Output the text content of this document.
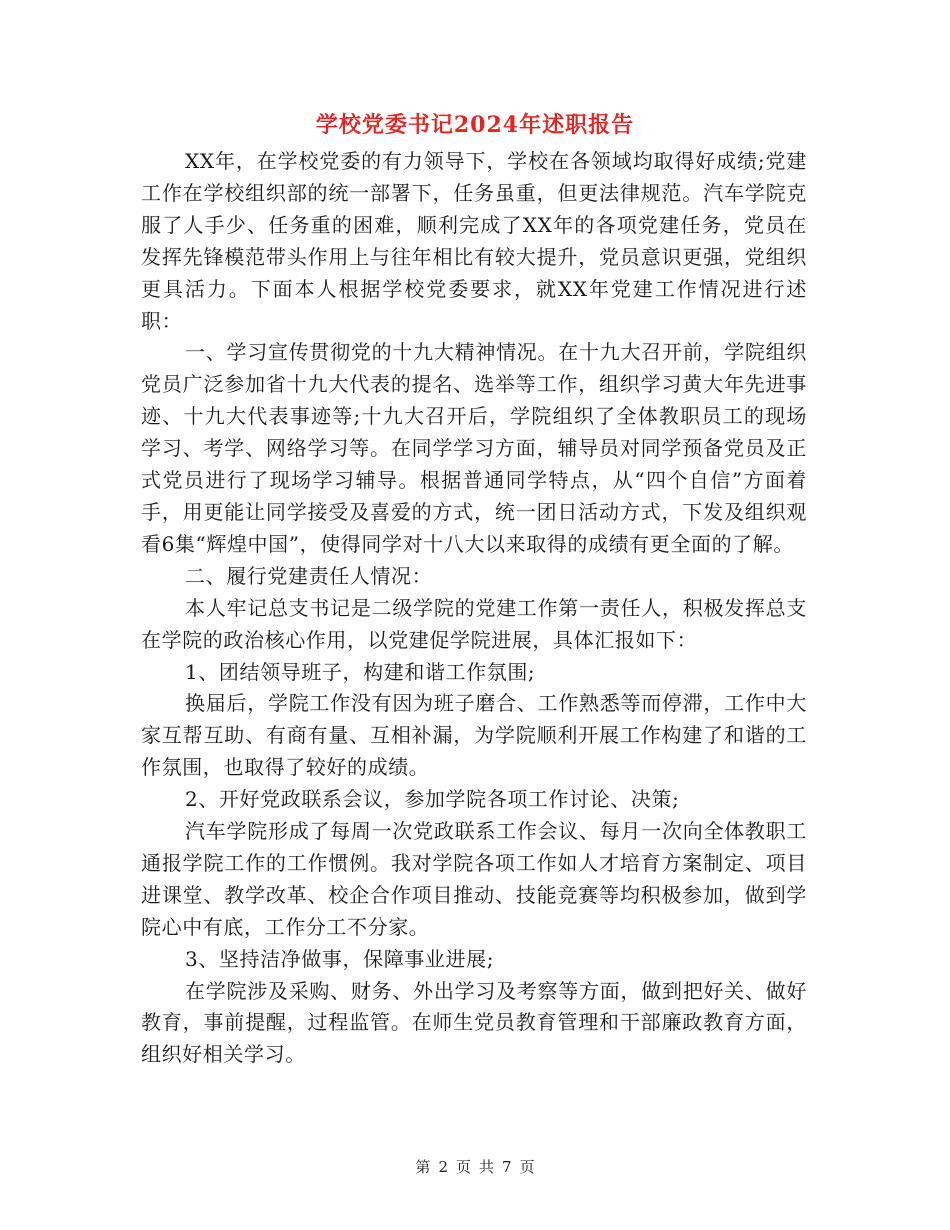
学校党委书记2024年述职报告

XX年，在学校党委的有力领导下，学校在各领域均取得好成绩;党建工作在学校组织部的统一部署下，任务虽重，但更法律规范。汽车学院克服了人手少、任务重的困难，顺利完成了XX年的各项党建任务，党员在发挥先锋模范带头作用上与往年相比有较大提升，党员意识更强，党组织更具活力。下面本人根据学校党委要求，就XX年党建工作情况进行述职：

一、学习宣传贯彻党的十九大精神情况。在十九大召开前，学院组织党员广泛参加省十九大代表的提名、选举等工作，组织学习黄大年先进事迹、十九大代表事迹等;十九大召开后，学院组织了全体教职员工的现场学习、考学、网络学习等。在同学学习方面，辅导员对同学预备党员及正式党员进行了现场学习辅导。根据普通同学特点，从“四个自信”方面着手，用更能让同学接受及喜爱的方式，统一团日活动方式，下发及组织观看6集“辉煌中国”，使得同学对十八大以来取得的成绩有更全面的了解。

二、履行党建责任人情况：

本人牢记总支书记是二级学院的党建工作第一责任人，积极发挥总支在学院的政治核心作用，以党建促学院进展，具体汇报如下：

1、团结领导班子，构建和谐工作氛围;

换届后，学院工作没有因为班子磨合、工作熟悉等而停滞，工作中大家互帮互助、有商有量、互相补漏，为学院顺利开展工作构建了和谐的工作氛围，也取得了较好的成绩。

2、开好党政联系会议，参加学院各项工作讨论、决策;

汽车学院形成了每周一次党政联系工作会议、每月一次向全体教职工通报学院工作的工作惯例。我对学院各项工作如人才培育方案制定、项目进课堂、教学改革、校企合作项目推动、技能竞赛等均积极参加，做到学院心中有底，工作分工不分家。

3、坚持洁净做事，保障事业进展;

在学院涉及采购、财务、外出学习及考察等方面，做到把好关、做好教育，事前提醒，过程监管。在师生党员教育管理和干部廉政教育方面，组织好相关学习。

第 2 页 共 7 页
